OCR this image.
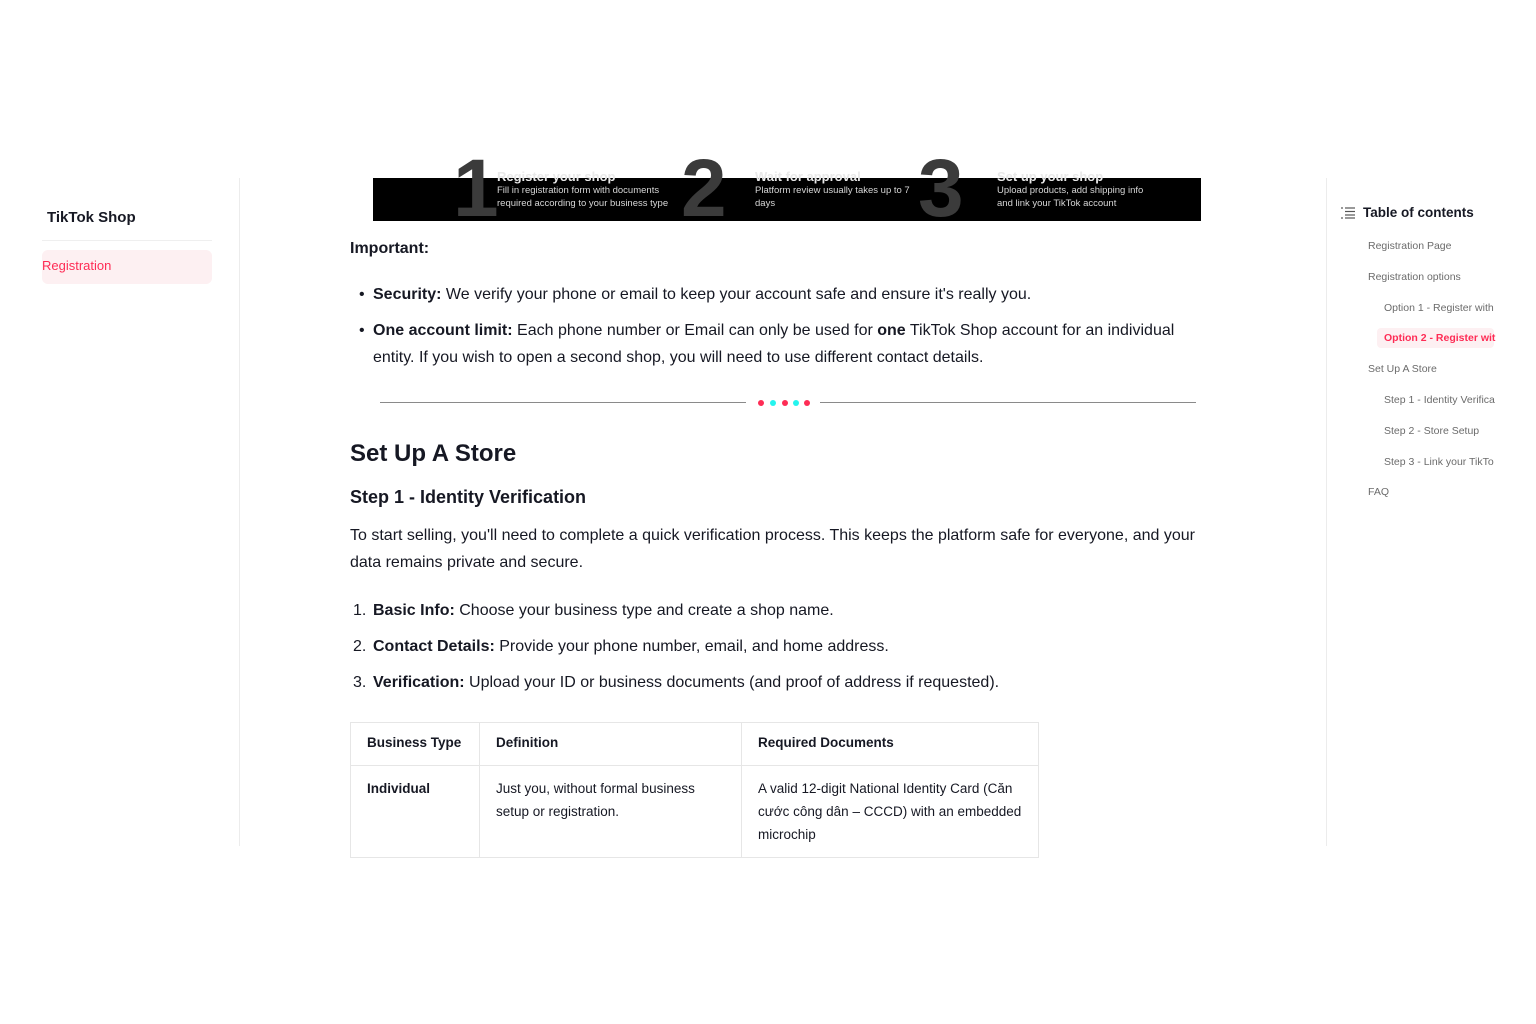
TikTok Shop
Registration
1
Register your shop
Fill in registration form with documents required according to your business type 2 Wait for approval
Platform review usually takes up to 7 days	3	Set up your shop
Upload products, add shipping info and link your TikTok account
Important:
• Security: We verify your phone or email to keep your account safe and ensure it's really you.
• One account limit: Each phone number or Email can only be used for one TikTok Shop account for an individual entity. If you wish to open a second shop, you will need to use different contact details.
Set Up A Store
Step 1 - Identity Verification
To start selling, you'll need to complete a quick verification process. This keeps the platform safe for everyone, and your data remains private and secure.
1. Basic Info: Choose your business type and create a shop name.
2. Contact Details: Provide your phone number, email, and home address.
3. Verification: Upload your ID or business documents (and proof of address if requested).
Business Type	Definition	Required Documents
Individual	Just you, without formal business setup or registration.	A valid 12-digit National Identity Card (Căn cước công dân – CCCD) with an embedded microchip
Table of contents
Registration Page
Registration options
Option 1 - Register with
Option 2 - Register wit
Set Up A Store
Step 1 - Identity Verifica
Step 2 - Store Setup
Step 3 - Link your TikTo
FAQ
